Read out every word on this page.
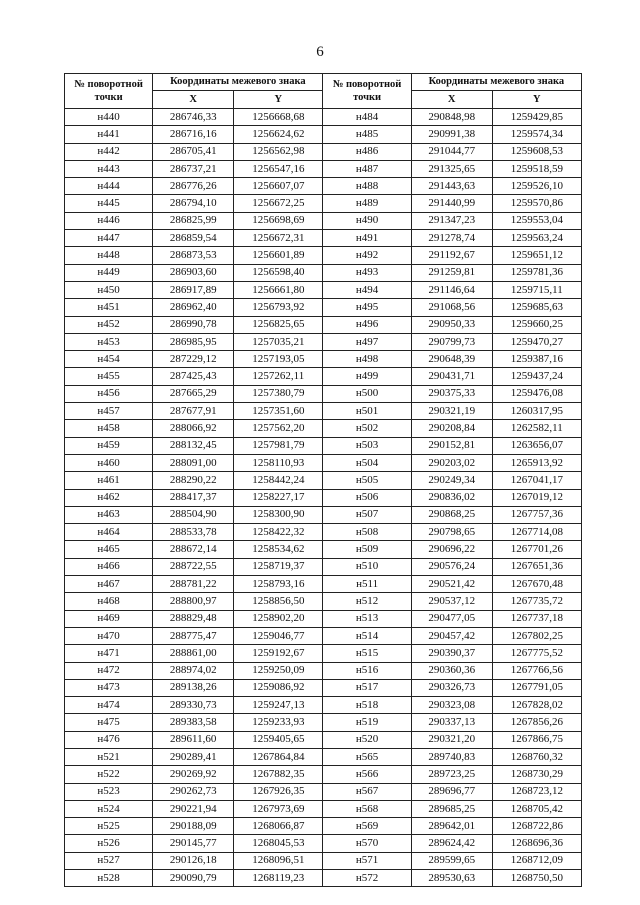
6
№ поворотной точки	Координаты межевого знака		№ поворотной точки	Координаты межевого знака	
	X	Y		X	Y
н440	286746,33	1256668,68	н484	290848,98	1259429,85
н441	286716,16	1256624,62	н485	290991,38	1259574,34
н442	286705,41	1256562,98	н486	291044,77	1259608,53
н443	286737,21	1256547,16	н487	291325,65	1259518,59
н444	286776,26	1256607,07	н488	291443,63	1259526,10
н445	286794,10	1256672,25	н489	291440,99	1259570,86
н446	286825,99	1256698,69	н490	291347,23	1259553,04
н447	286859,54	1256672,31	н491	291278,74	1259563,24
н448	286873,53	1256601,89	н492	291192,67	1259651,12
н449	286903,60	1256598,40	н493	291259,81	1259781,36
н450	286917,89	1256661,80	н494	291146,64	1259715,11
н451	286962,40	1256793,92	н495	291068,56	1259685,63
н452	286990,78	1256825,65	н496	290950,33	1259660,25
н453	286985,95	1257035,21	н497	290799,73	1259470,27
н454	287229,12	1257193,05	н498	290648,39	1259387,16
н455	287425,43	1257262,11	н499	290431,71	1259437,24
н456	287665,29	1257380,79	н500	290375,33	1259476,08
н457	287677,91	1257351,60	н501	290321,19	1260317,95
н458	288066,92	1257562,20	н502	290208,84	1262582,11
н459	288132,45	1257981,79	н503	290152,81	1263656,07
н460	288091,00	1258110,93	н504	290203,02	1265913,92
н461	288290,22	1258442,24	н505	290249,34	1267041,17
н462	288417,37	1258227,17	н506	290836,02	1267019,12
н463	288504,90	1258300,90	н507	290868,25	1267757,36
н464	288533,78	1258422,32	н508	290798,65	1267714,08
н465	288672,14	1258534,62	н509	290696,22	1267701,26
н466	288722,55	1258719,37	н510	290576,24	1267651,36
н467	288781,22	1258793,16	н511	290521,42	1267670,48
н468	288800,97	1258856,50	н512	290537,12	1267735,72
н469	288829,48	1258902,20	н513	290477,05	1267737,18
н470	288775,47	1259046,77	н514	290457,42	1267802,25
н471	288861,00	1259192,67	н515	290390,37	1267775,52
н472	288974,02	1259250,09	н516	290360,36	1267766,56
н473	289138,26	1259086,92	н517	290326,73	1267791,05
н474	289330,73	1259247,13	н518	290323,08	1267828,02
н475	289383,58	1259233,93	н519	290337,13	1267856,26
н476	289611,60	1259405,65	н520	290321,20	1267866,75
н521	290289,41	1267864,84	н565	289740,83	1268760,32
н522	290269,92	1267882,35	н566	289723,25	1268730,29
н523	290262,73	1267926,35	н567	289696,77	1268723,12
н524	290221,94	1267973,69	н568	289685,25	1268705,42
н525	290188,09	1268066,87	н569	289642,01	1268722,86
н526	290145,77	1268045,53	н570	289624,42	1268696,36
н527	290126,18	1268096,51	н571	289599,65	1268712,09
н528	290090,79	1268119,23	н572	289530,63	1268750,50
